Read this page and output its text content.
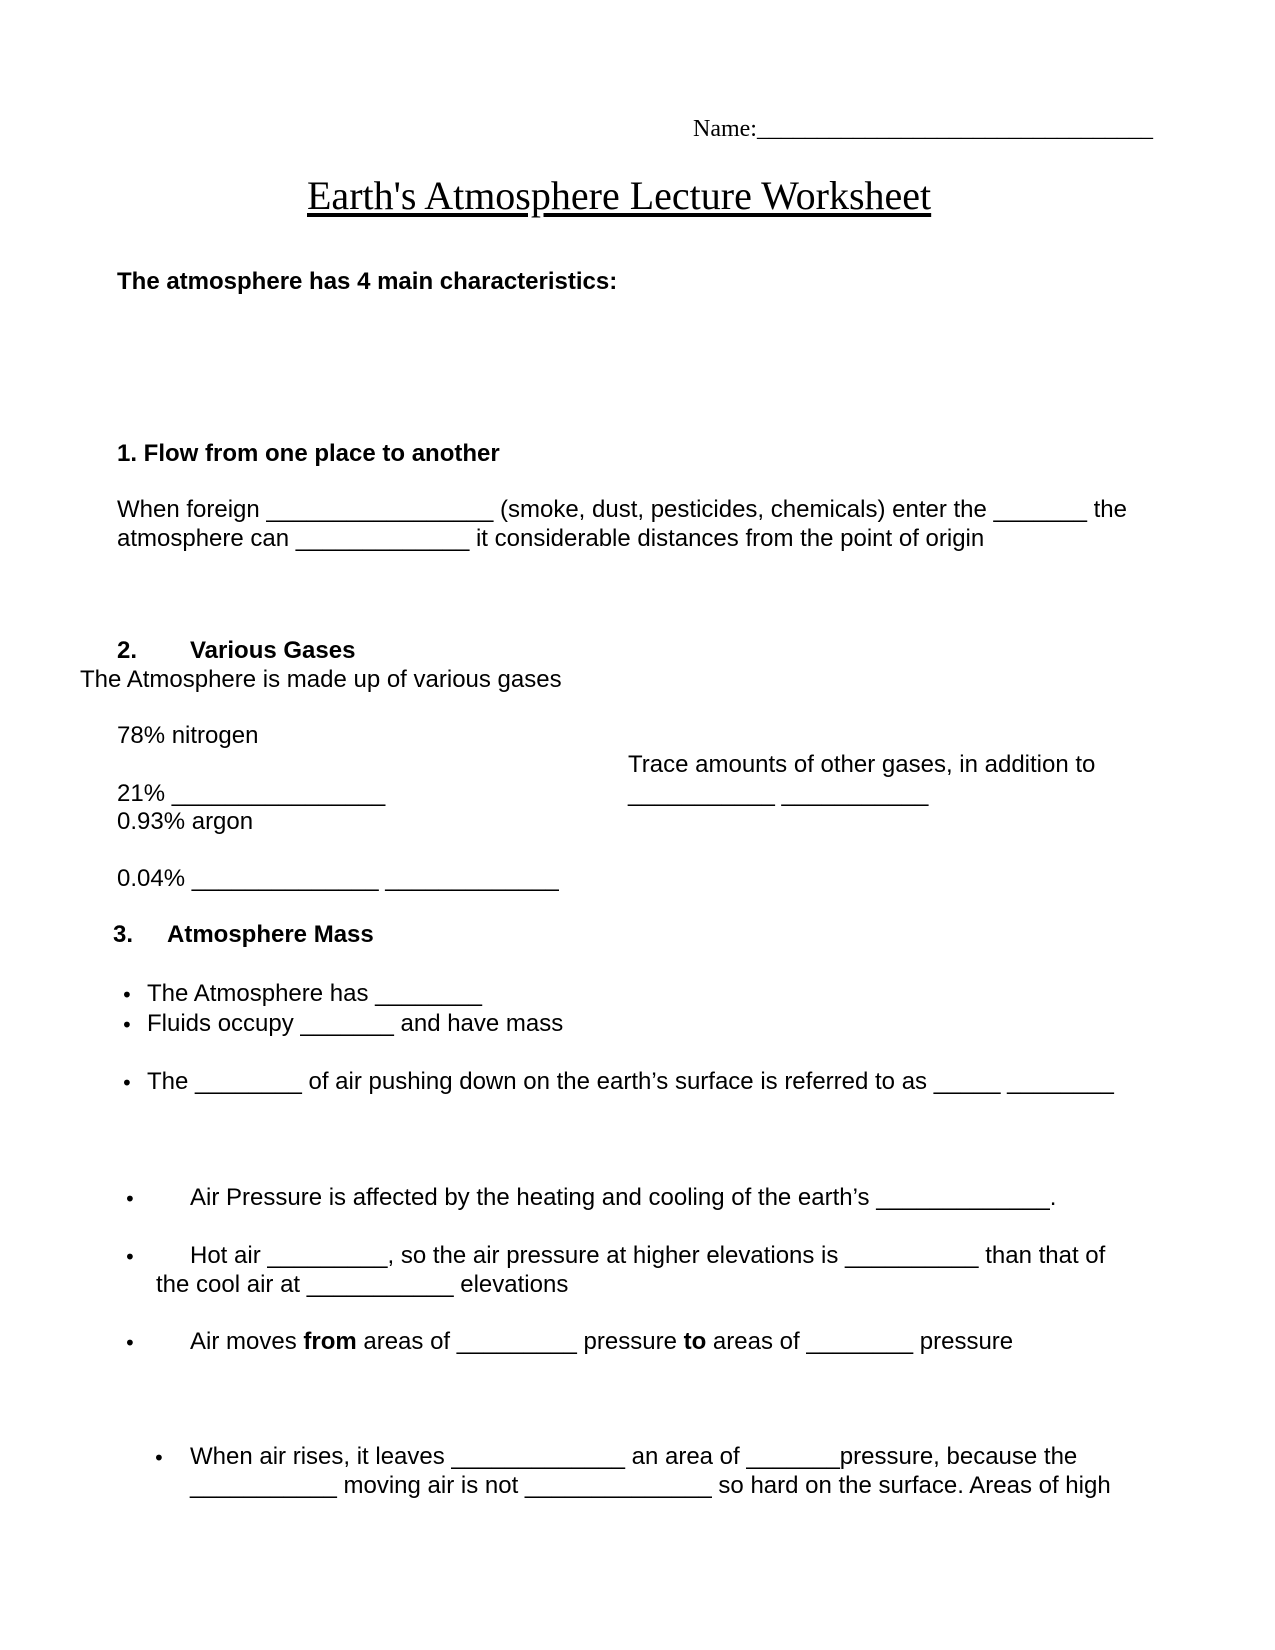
Name:_________________________________
Earth's Atmosphere Lecture Worksheet
The atmosphere has 4 main characteristics:
1. Flow from one place to another
When foreign _________________ (smoke, dust, pesticides, chemicals) enter the _______ the
atmosphere can _____________ it considerable distances from the point of origin
2. Various Gases
The Atmosphere is made up of various gases
78% nitrogen
Trace amounts of other gases, in addition to
21% ________________	___________ ___________
0.93% argon
0.04% ______________ _____________
3. Atmosphere Mass
• The Atmosphere has ________
• Fluids occupy _______ and have mass
• The ________ of air pushing down on the earth’s surface is referred to as _____ ________
• Air Pressure is affected by the heating and cooling of the earth’s _____________.
• Hot air _________, so the air pressure at higher elevations is __________ than that of
the cool air at ___________ elevations
• Air moves from areas of _________ pressure to areas of ________ pressure
• When air rises, it leaves _____________ an area of _______pressure, because the
___________ moving air is not ______________ so hard on the surface. Areas of high
